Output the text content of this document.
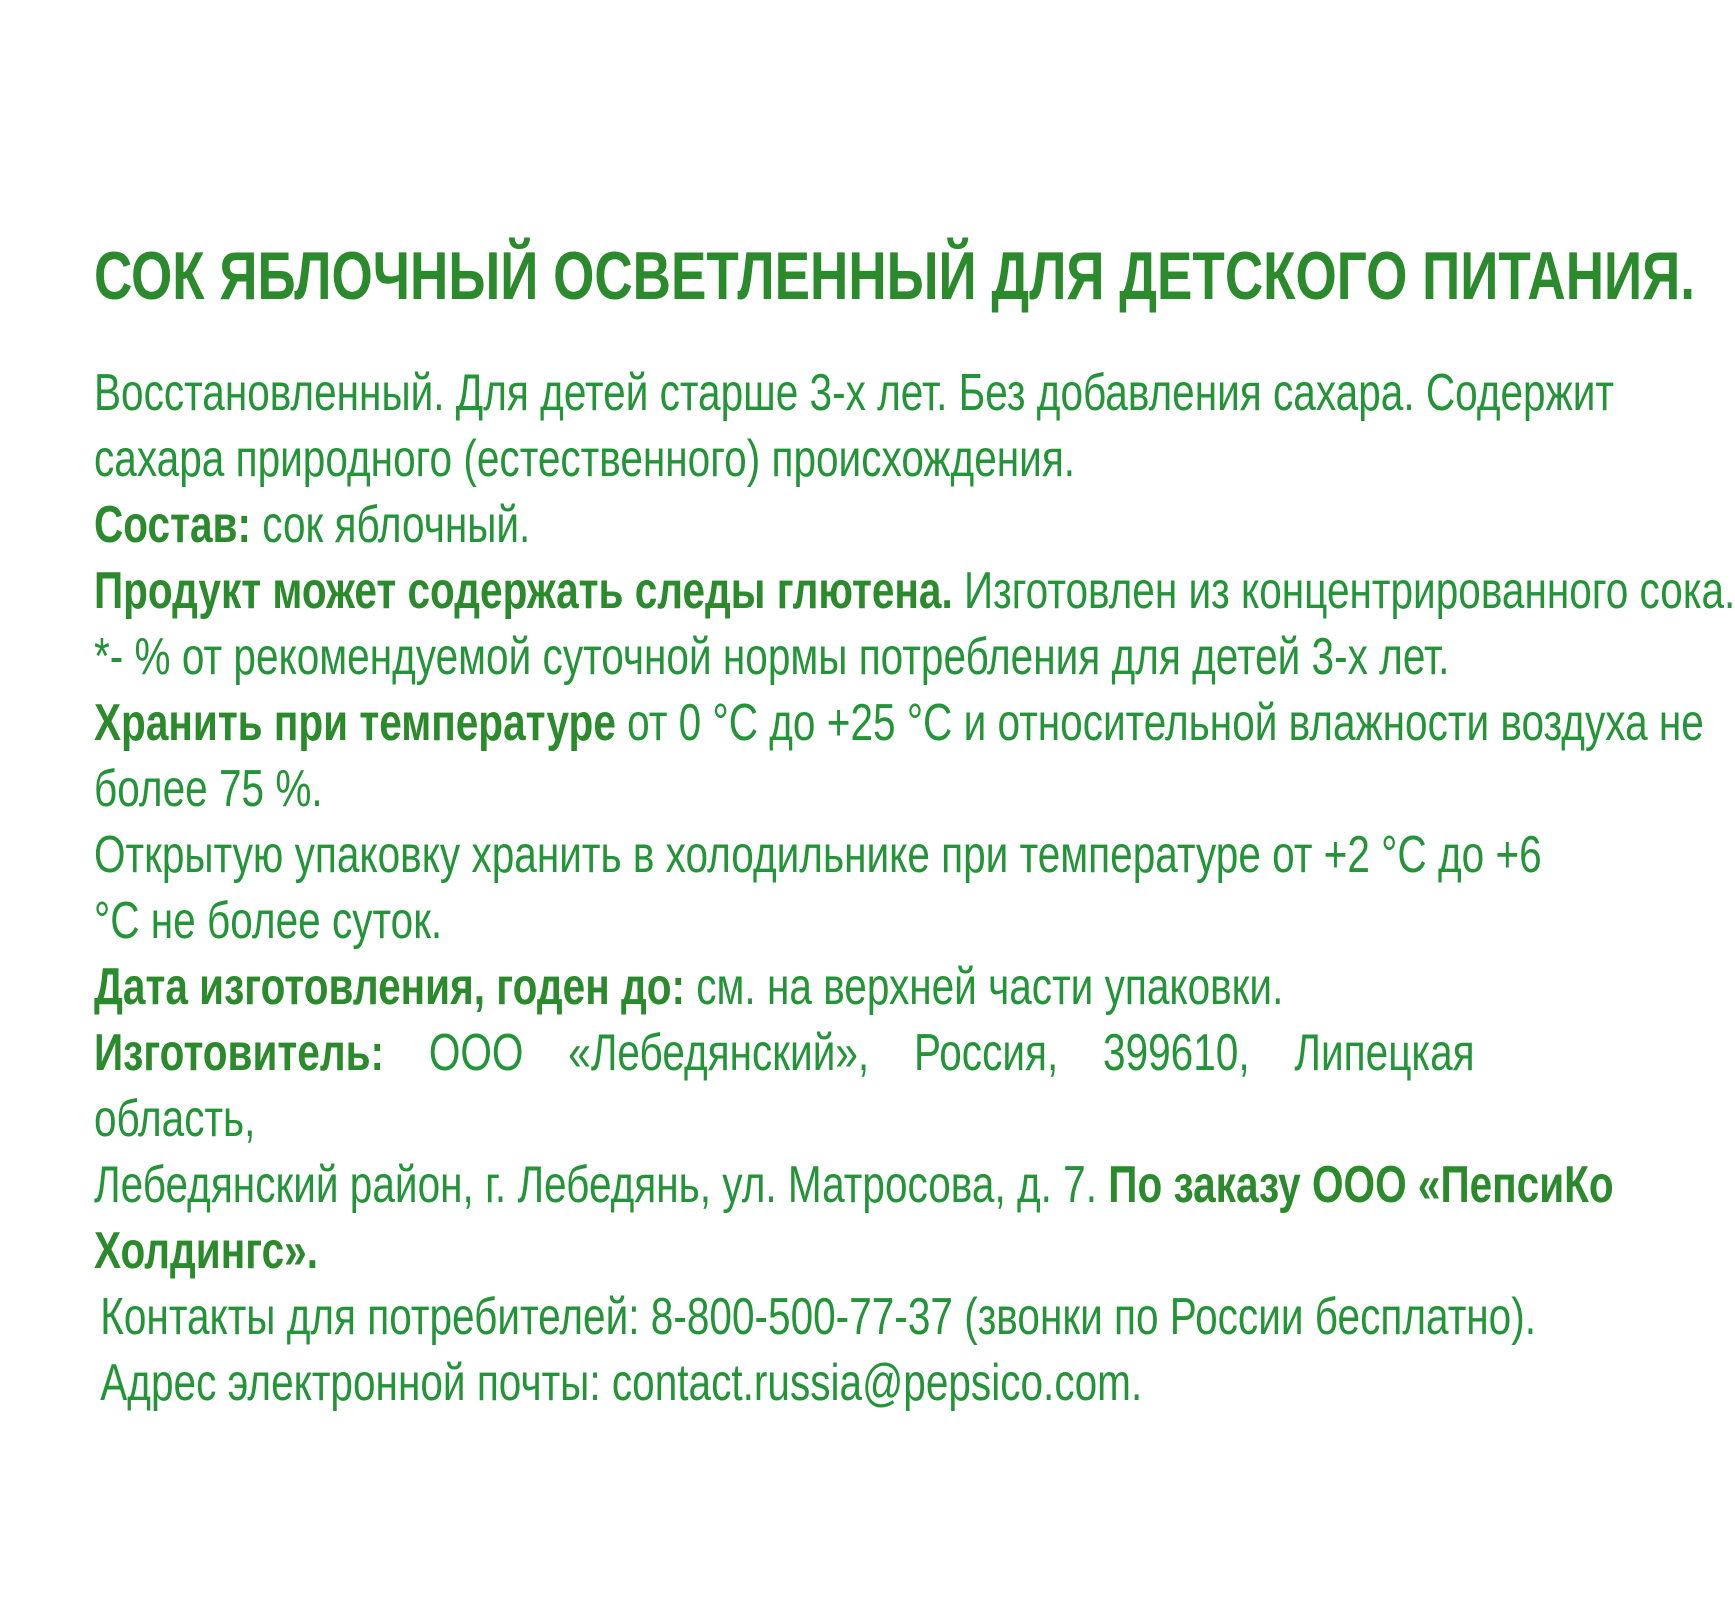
СОК ЯБЛОЧНЫЙ ОСВЕТЛЕННЫЙ ДЛЯ ДЕТСКОГО ПИТАНИЯ.
Восстановленный. Для детей старше 3-х лет. Без добавления сахара. Содержит
сахара природного (естественного) происхождения.
Состав: сок яблочный.
Продукт может содержать следы глютена. Изготовлен из концентрированного сока.
*- % от рекомендуемой суточной нормы потребления для детей 3-х лет.
Хранить при температуре от 0 °С до +25 °С и относительной влажности воздуха не
более 75 %.
Открытую упаковку хранить в холодильнике при температуре от +2 °С до +6
°С не более суток.
Дата изготовления, годен до: см. на верхней части упаковки.
Изготовитель: ООО «Лебедянский», Россия, 399610, Липецкая область,
Лебедянский район, г. Лебедянь, ул. Матросова, д. 7. По заказу ООО «ПепсиКо
Холдингс».
Контакты для потребителей: 8-800-500-77-37 (звонки по России бесплатно).
Адрес электронной почты: contact.russia@pepsico.com.
